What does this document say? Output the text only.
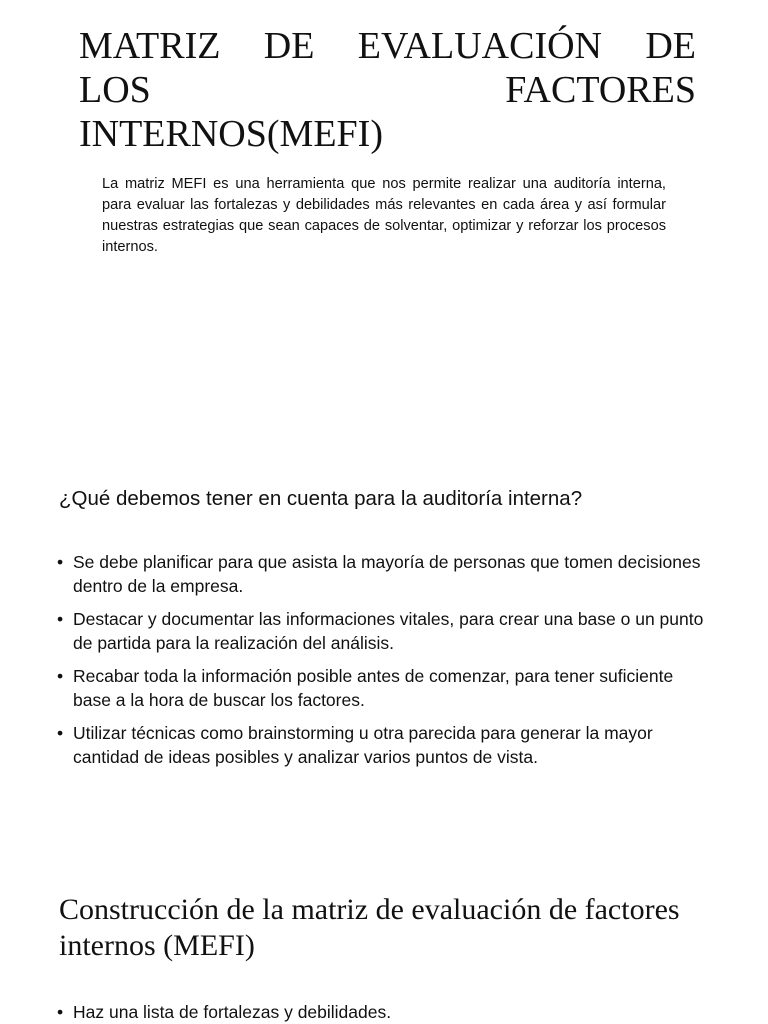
MATRIZ DE EVALUACIÓN DE
LOS FACTORES
INTERNOS(MEFI)

La matriz MEFI es una herramienta que nos permite realizar una auditoría interna, para evaluar las fortalezas y debilidades más relevantes en cada área y así formular nuestras estrategias que sean capaces de solventar, optimizar y reforzar los procesos internos.

¿Qué debemos tener en cuenta para la auditoría interna?
• Se debe planificar para que asista la mayoría de personas que tomen decisiones dentro de la empresa.
• Destacar y documentar las informaciones vitales, para crear una base o un punto de partida para la realización del análisis.
• Recabar toda la información posible antes de comenzar, para tener suficiente base a la hora de buscar los factores.
• Utilizar técnicas como brainstorming u otra parecida para generar la mayor cantidad de ideas posibles y analizar varios puntos de vista.
Construcción de la matriz de evaluación de factores internos (MEFI)
• Haz una lista de fortalezas y debilidades.
